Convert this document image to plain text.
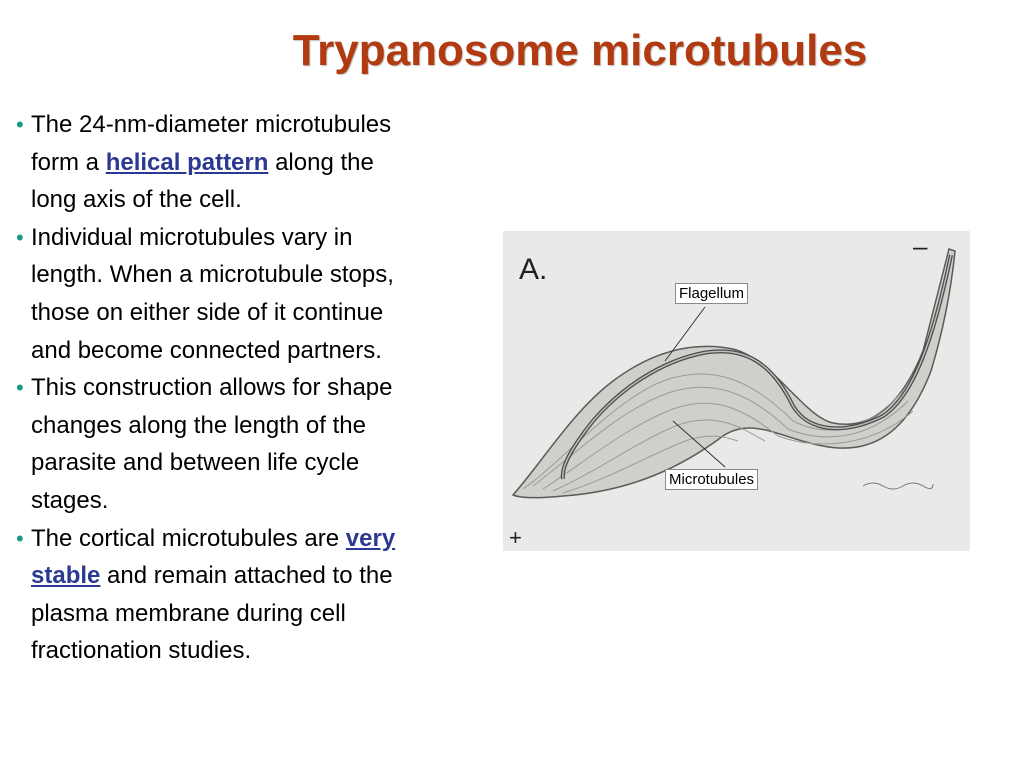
Trypanosome microtubules
• The 24-nm-diameter microtubules form a helical pattern along the long axis of the cell.
• Individual microtubules vary in length. When a microtubule stops, those on either side of it continue and become connected partners.
• This construction allows for shape changes along the length of the parasite and between life cycle stages.
• The cortical microtubules are very stable and remain attached to the plasma membrane during cell fractionation studies.
A.
–
+
Flagellum
Microtubules
